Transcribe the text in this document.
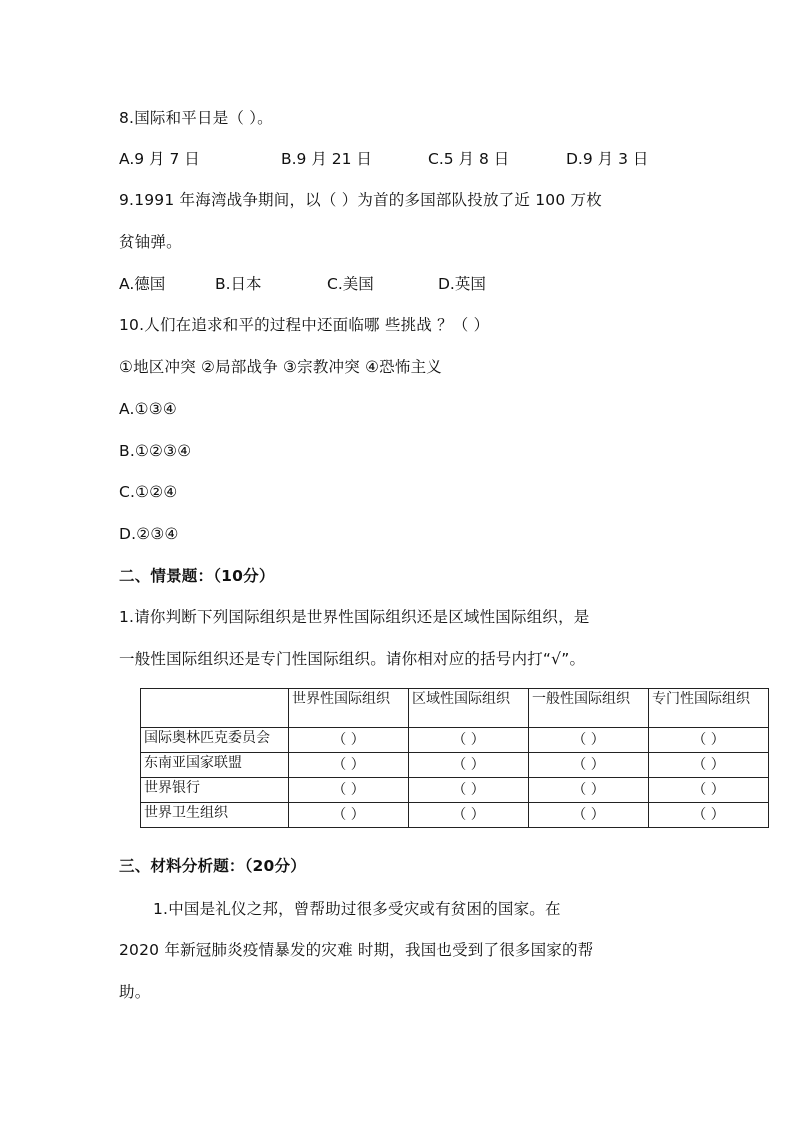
8.国际和平日是（ ）。
A.9 月 7 日	B.9 月 21 日	C.5 月 8 日	D.9 月 3 日
9.1991 年海湾战争期间，以（ ）为首的多国部队投放了近 100 万枚
贫铀弹。
A.德国	B.日本	C.美国	D.英国
10.人们在追求和平的过程中还面临哪 些挑战 ？（ ）
①地区冲突 ②局部战争 ③宗教冲突 ④恐怖主义
A.①③④
B.①②③④
C.①②④
D.②③④
二、情景题：（10分）
1.请你判断下列国际组织是世界性国际组织还是区域性国际组织，是
一般性国际组织还是专门性国际组织。请你相对应的括号内打“√”。
	世界性国际组织	区域性国际组织	一般性国际组织	专门性国际组织
国际奥林匹克委员会	（ ）	（ ）	（ ）	（ ）
东南亚国家联盟	（ ）	（ ）	（ ）	（ ）
世界银行	（ ）	（ ）	（ ）	（ ）
世界卫生组织	（ ）	（ ）	（ ）	（ ）
三、材料分析题：（20分）
1.中国是礼仪之邦，曾帮助过很多受灾或有贫困的国家。在
2020 年新冠肺炎疫情暴发的灾难 时期，我国也受到了很多国家的帮
助。
